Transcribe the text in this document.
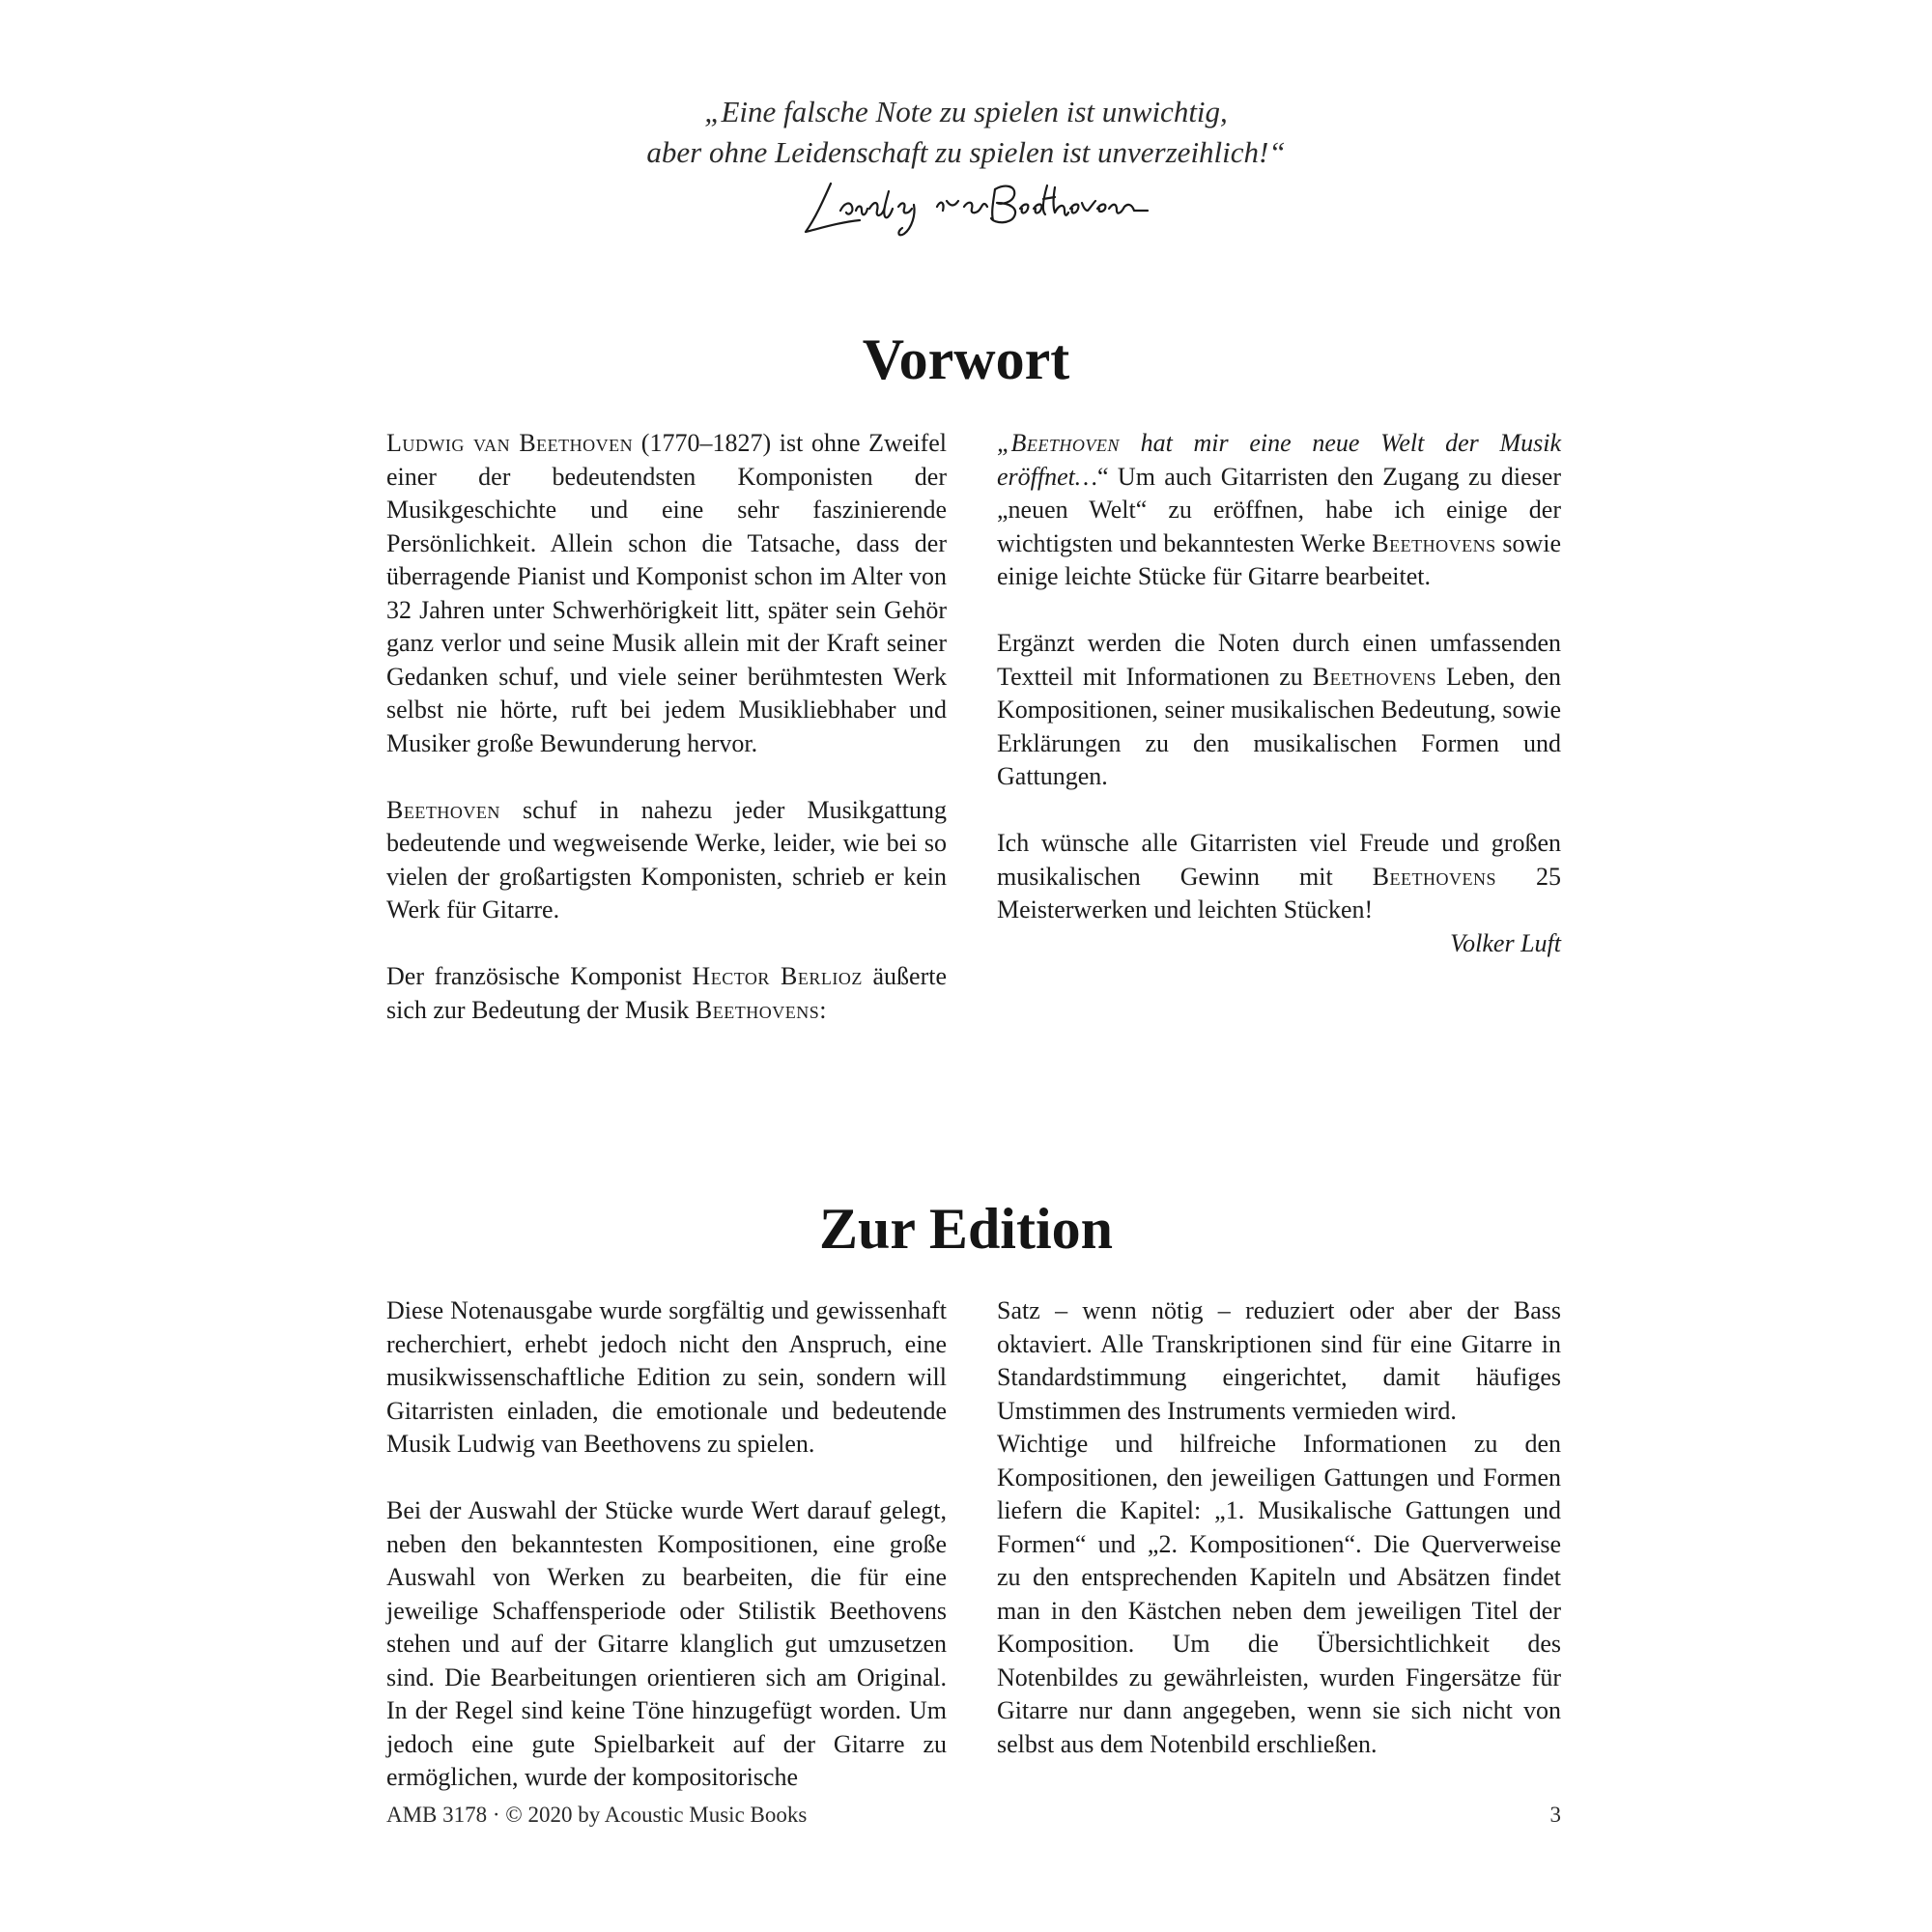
„Eine falsche Note zu spielen ist unwichtig,
aber ohne Leidenschaft zu spielen ist unverzeihlich!“
Vorwort

Ludwig van Beethoven (1770–1827) ist ohne Zweifel einer der bedeutendsten Komponisten der Musikgeschichte und eine sehr faszinierende Persönlichkeit. Allein schon die Tatsache, dass der überragende Pianist und Komponist schon im Alter von 32 Jahren unter Schwerhörigkeit litt, später sein Gehör ganz verlor und seine Musik allein mit der Kraft seiner Gedanken schuf, und viele seiner berühmtesten Werk selbst nie hörte, ruft bei jedem Musikliebhaber und Musiker große Bewunderung hervor.

Beethoven schuf in nahezu jeder Musikgattung bedeutende und wegweisende Werke, leider, wie bei so vielen der großartigsten Komponisten, schrieb er kein Werk für Gitarre.

Der französische Komponist Hector Berlioz äußerte sich zur Bedeutung der Musik Beethovens:

„Beethoven hat mir eine neue Welt der Musik eröffnet…“ Um auch Gitarristen den Zugang zu dieser „neuen Welt“ zu eröffnen, habe ich einige der wichtigsten und bekanntesten Werke Beethovens sowie einige leichte Stücke für Gitarre bearbeitet.

Ergänzt werden die Noten durch einen umfassenden Textteil mit Informationen zu Beethovens Leben, den Kompositionen, seiner musikalischen Bedeutung, sowie Erklärungen zu den musikalischen Formen und Gattungen.

Ich wünsche alle Gitarristen viel Freude und großen musikalischen Gewinn mit Beethovens 25 Meisterwerken und leichten Stücken!
Volker Luft

Zur Edition

Diese Notenausgabe wurde sorgfältig und gewissenhaft recherchiert, erhebt jedoch nicht den Anspruch, eine musikwissenschaftliche Edition zu sein, sondern will Gitarristen einladen, die emotionale und bedeutende Musik Ludwig van Beethovens zu spielen.

Bei der Auswahl der Stücke wurde Wert darauf gelegt, neben den bekanntesten Kompositionen, eine große Auswahl von Werken zu bearbeiten, die für eine jeweilige Schaffensperiode oder Stilistik Beethovens stehen und auf der Gitarre klanglich gut umzusetzen sind. Die Bearbeitungen orientieren sich am Original. In der Regel sind keine Töne hinzugefügt worden. Um jedoch eine gute Spielbarkeit auf der Gitarre zu ermöglichen, wurde der kompositorische

Satz – wenn nötig – reduziert oder aber der Bass oktaviert. Alle Transkriptionen sind für eine Gitarre in Standardstimmung eingerichtet, damit häufiges Umstimmen des Instruments vermieden wird.

Wichtige und hilfreiche Informationen zu den Kompositionen, den jeweiligen Gattungen und Formen liefern die Kapitel: „1. Musikalische Gattungen und Formen“ und „2. Kompositionen“. Die Querverweise zu den entsprechenden Kapiteln und Absätzen findet man in den Kästchen neben dem jeweiligen Titel der Komposition. Um die Übersichtlichkeit des Notenbildes zu gewährleisten, wurden Fingersätze für Gitarre nur dann angegeben, wenn sie sich nicht von selbst aus dem Notenbild erschließen.

AMB 3178 · © 2020 by Acoustic Music Books	3
